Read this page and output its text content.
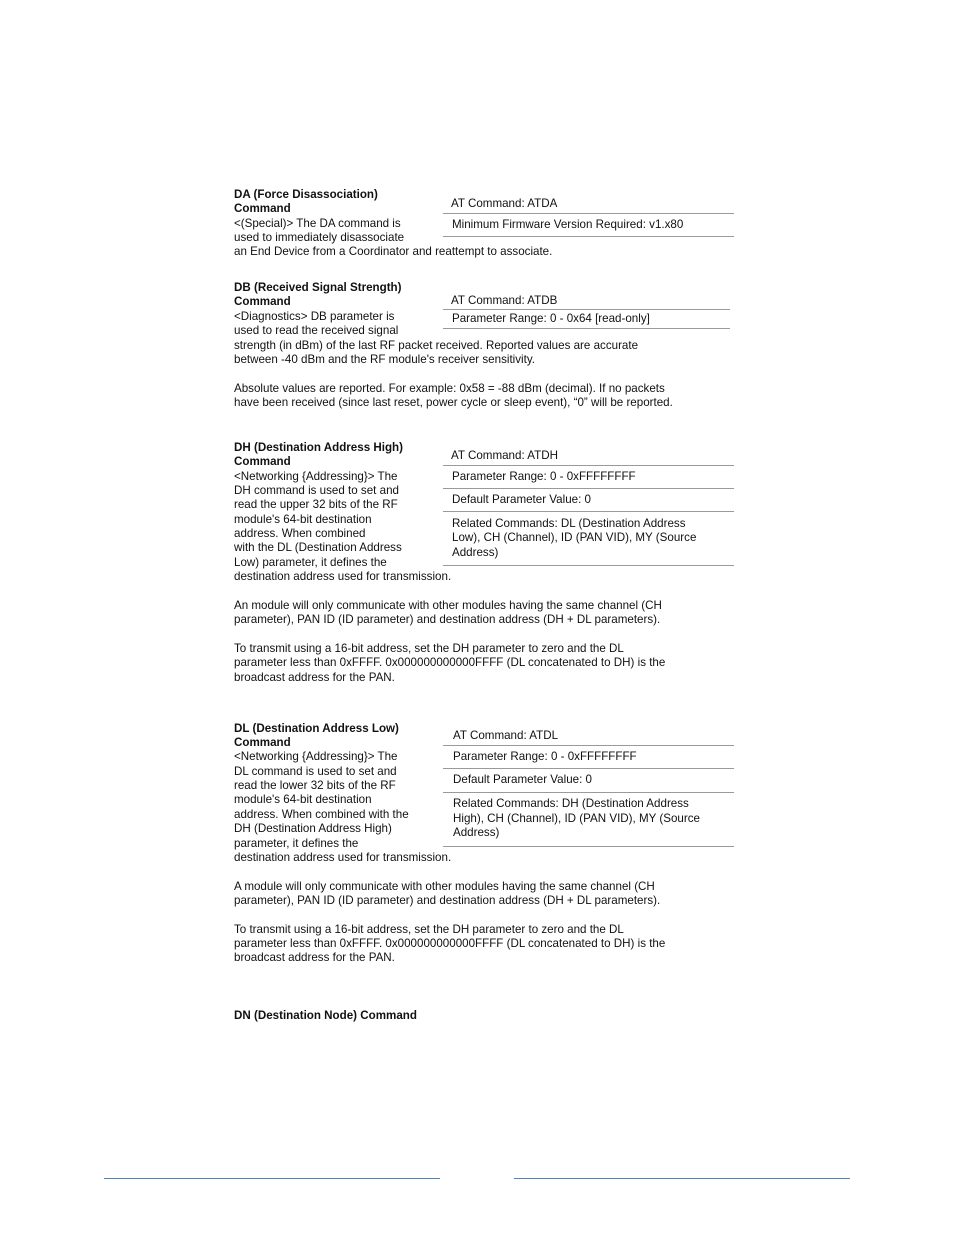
DA (Force Disassociation)
Command
<(Special)> The DA command is
used to immediately disassociate
an End Device from a Coordinator and reattempt to associate.
AT Command: ATDA
Minimum Firmware Version Required: v1.x80
DB (Received Signal Strength)
Command
<Diagnostics> DB parameter is
used to read the received signal
strength (in dBm) of the last RF packet received. Reported values are accurate
between -40 dBm and the RF module's receiver sensitivity.
Absolute values are reported. For example: 0x58 = -88 dBm (decimal). If no packets
have been received (since last reset, power cycle or sleep event), “0” will be reported.
AT Command: ATDB
Parameter Range: 0 - 0x64 [read-only]
DH (Destination Address High)
Command
<Networking {Addressing}> The
DH command is used to set and
read the upper 32 bits of the RF
module's 64-bit destination
address. When combined
with the DL (Destination Address
Low) parameter, it defines the
destination address used for transmission.
An module will only communicate with other modules having the same channel (CH
parameter), PAN ID (ID parameter) and destination address (DH + DL parameters).
To transmit using a 16-bit address, set the DH parameter to zero and the DL
parameter less than 0xFFFF. 0x000000000000FFFF (DL concatenated to DH) is the
broadcast address for the PAN.
AT Command: ATDH
Parameter Range: 0 - 0xFFFFFFFF
Default Parameter Value: 0
Related Commands: DL (Destination Address
Low), CH (Channel), ID (PAN VID), MY (Source
Address)
DL (Destination Address Low)
Command
<Networking {Addressing}> The
DL command is used to set and
read the lower 32 bits of the RF
module's 64-bit destination
address. When combined with the
DH (Destination Address High)
parameter, it defines the
destination address used for transmission.
A module will only communicate with other modules having the same channel (CH
parameter), PAN ID (ID parameter) and destination address (DH + DL parameters).
To transmit using a 16-bit address, set the DH parameter to zero and the DL
parameter less than 0xFFFF. 0x000000000000FFFF (DL concatenated to DH) is the
broadcast address for the PAN.
AT Command: ATDL
Parameter Range: 0 - 0xFFFFFFFF
Default Parameter Value: 0
Related Commands: DH (Destination Address
High), CH (Channel), ID (PAN VID), MY (Source
Address)
DN (Destination Node) Command
